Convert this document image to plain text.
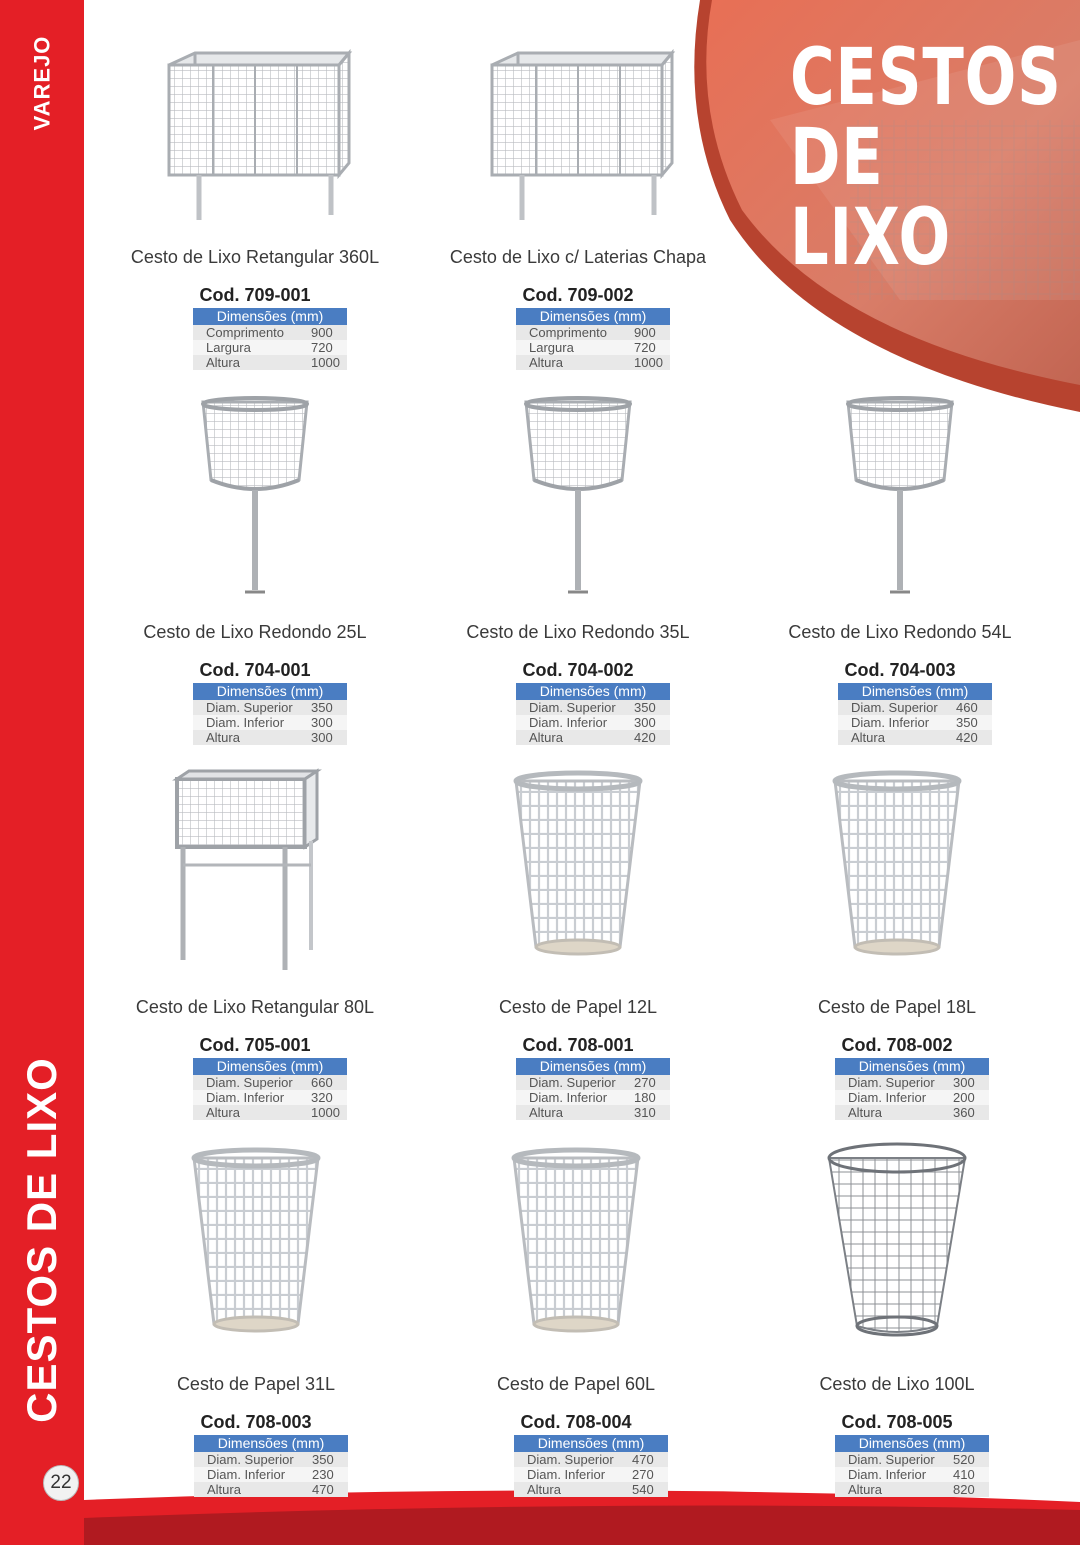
CESTOS
DE LIXO
VAREJO
CESTOS DE LIXO
22
Cesto de Lixo Retangular 360L
Cod. 709-001
Dimensões (mm)
Comprimento	900
Largura	720
Altura	1000
Cesto de Lixo c/ Laterias Chapa
Cod. 709-002
Dimensões (mm)
Comprimento	900
Largura	720
Altura	1000
Cesto de Lixo Redondo 25L
Cod. 704-001
Dimensões (mm)
Diam. Superior	350
Diam. Inferior	300
Altura	300
Cesto de Lixo Redondo 35L
Cod. 704-002
Dimensões (mm)
Diam. Superior	350
Diam. Inferior	300
Altura	420
Cesto de Lixo Redondo 54L
Cod. 704-003
Dimensões (mm)
Diam. Superior	460
Diam. Inferior	350
Altura	420
Cesto de Lixo Retangular 80L
Cod. 705-001
Dimensões (mm)
Diam. Superior	660
Diam. Inferior	320
Altura	1000
Cesto de Papel 12L
Cod. 708-001
Dimensões (mm)
Diam. Superior	270
Diam. Inferior	180
Altura	310
Cesto de Papel 18L
Cod. 708-002
Dimensões (mm)
Diam. Superior	300
Diam. Inferior	200
Altura	360
Cesto de Papel 31L
Cod. 708-003
Dimensões (mm)
Diam. Superior	350
Diam. Inferior	230
Altura	470
Cesto de Papel 60L
Cod. 708-004
Dimensões (mm)
Diam. Superior	470
Diam. Inferior	270
Altura	540
Cesto de Lixo 100L
Cod. 708-005
Dimensões (mm)
Diam. Superior	520
Diam. Inferior	410
Altura	820
